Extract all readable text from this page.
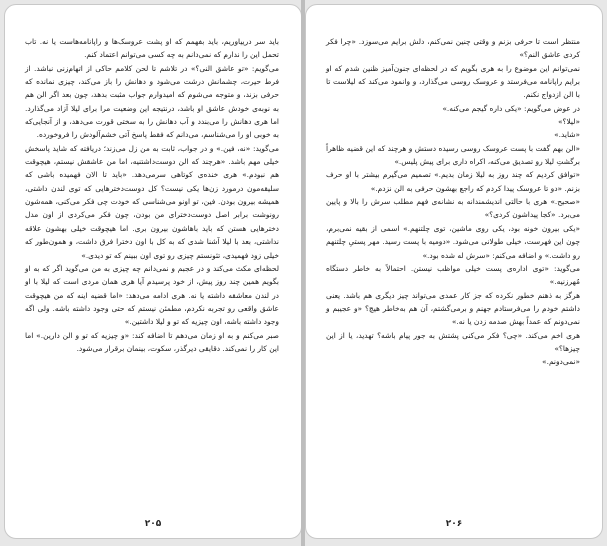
باید سر درییاوریم، باید بفهمم که او پشت عروسک‌ها و راپانامه‌هاست یا نه. تاب تحمل این را ندارم که نمی‌دانم به چه کسی می‌توانم اعتماد کنم.

می‌گویم: «تو عاشق النی؟» در تلاشم تا لحن کلامم حاکی از اتهام‌زنی نباشد. از فرط حیرت، چشمانش درشت می‌شود و دهانش را باز می‌کند، چیزی نمانده که حرفی بزند، و متوجه می‌شوم که امیدوارم جواب مثبت بدهد، چون بعد اگر الن هم به نوبه‌ی خودش عاشق او باشد، درنتیجه این وضعیت مرا برای لیلا آزاد می‌گذارد. اما هری دهانش را می‌بندد و آب دهانش را به سختی قورت می‌دهد، و از آنجایی‌که به خوبی او را می‌شناسم، می‌دانم که فقط پاسخ آتی خشم‌آلودش را فروخورده.

می‌گوید: «نه، فین.» و در جواب، ثابت به من زل می‌زند؛ دریافته که شاید پاسخش خیلی مهم باشد. «هرچند که الن دوست‌داشتنیه، اما من عاشقش نیستم، هیچوقت هم نبودم.» هری خنده‌ی کوتاهی سرمی‌دهد. «باید تا الان فهمیده باشی که سلیقه‌مون درمورد زن‌ها یکی نیست؟ کل دوست‌دخترهایی که توی لندن داشتی، همیشه بیرون بودن. فین، تو اونو می‌شناسی که خودت چی فکر می‌کنی، همه‌شون رونوشت برابر اصل دوست‌دخترای من بودن، چون فکر می‌کردی از اون مدل دخترهایی هستن که باید باهاشون بیرون بری. اما هیچوقت خیلی بهشون علاقه نداشتی، بعد با لیلا آشنا شدی که به کل با اون دخترا فرق داشت، و همون‌طور که خیلی زود فهمیدی، تئونستم چیزی رو توی اون ببینم که تو دیدی.»

لحظه‌ای مکث می‌کند و در عجبم و نمی‌دانم چه چیزی به من می‌گوید اگر که به او بگویم همین چند روز پیش، از خود پرسیدم آیا هری همان مردی است که لیلا با او در لندن معاشقه داشته یا نه. هری ادامه می‌دهد: «اما قضیه اینه که من هیچوقت عاشق واقعی رو تجربه نکردم، مطمئن نیستم که حتی وجود داشته باشه. ولی اگه وجود داشته باشه، اون چیزیه که تو و لیلا داشتین.»

صبر می‌کنم و به او زمان می‌دهم تا اضافه کند: «و چیزیه که تو و الن دارین.» اما این کار را نمی‌کند. دقایقی دیرگذر، سکوت، بینمان برقرار می‌شود.

۲۰۵

منتظر است تا حرفی بزنم و وقتی چنین نمی‌کنم، دلش برایم می‌سوزد. «چرا فکر کردی عاشق النم؟»

نمی‌توانم این موضوع را به هری بگویم که در لحظه‌ای جنون‌آمیز ظنین شدم که او برایم راپانامه می‌فرستد و عروسک روسی می‌گذارد، و وانمود می‌کند که لیلاست تا با الن ازدواج نکنم.

در عوض می‌گویم: «یکی داره گیجم می‌کنه.»

«لیلا؟»

«شاید.»

«الن بهم گفت با پست عروسک روسی رسیده دستش و هرچند که این قضیه ظاهراً برگشتِ لیلا رو تصدیق می‌کنه، اکراه داری برای پیش پلیس.»

«توافق کردیم که چند روز به لیلا زمان بدیم.» تصمیم می‌گیرم بیشتر با او حرف بزنم. «دو تا عروسک پیدا کردم که راجع بهشون حرفی به الن نزدم.»

«صحیح.» هری با حالتی اندیشمندانه به نشانه‌ی فهم مطلب سرش را بالا و پایین می‌برد. «کجا پیداشون کردی؟»

«یکی بیرون خونه بود، یکی روی ماشین، توی چلتنهم.» اسمی از بقیه نمی‌برم، چون این فهرست، خیلی طولانی می‌شود. «دومیه با پست رسید. مهر پستیِ چلتنهم رو داشت.» و اضافه می‌کنم: «سرش له شده بود.»

می‌گوید: «توی اداره‌ی پست خیلی مواظب نیستن. احتمالاً به خاطر دستگاه مُهرزنیه.»

هرگز به ذهنم خطور نکرده که جز کار عمدی می‌تواند چیز دیگری هم باشد. یعنی داشتم خودم را می‌فرستادم جهنم و برمی‌گشتم، آن هم به‌خاطر هیچ؟ «و عجیبم و نمی‌دونم که عمداً بهش صدمه زدن یا نه.»

هری اخم می‌کند. «چی؟ فکر می‌کنی پشتش به جور پیام باشه؟ تهدید، یا از این چیزها؟»

«نمی‌دونم.»

۲۰۶
